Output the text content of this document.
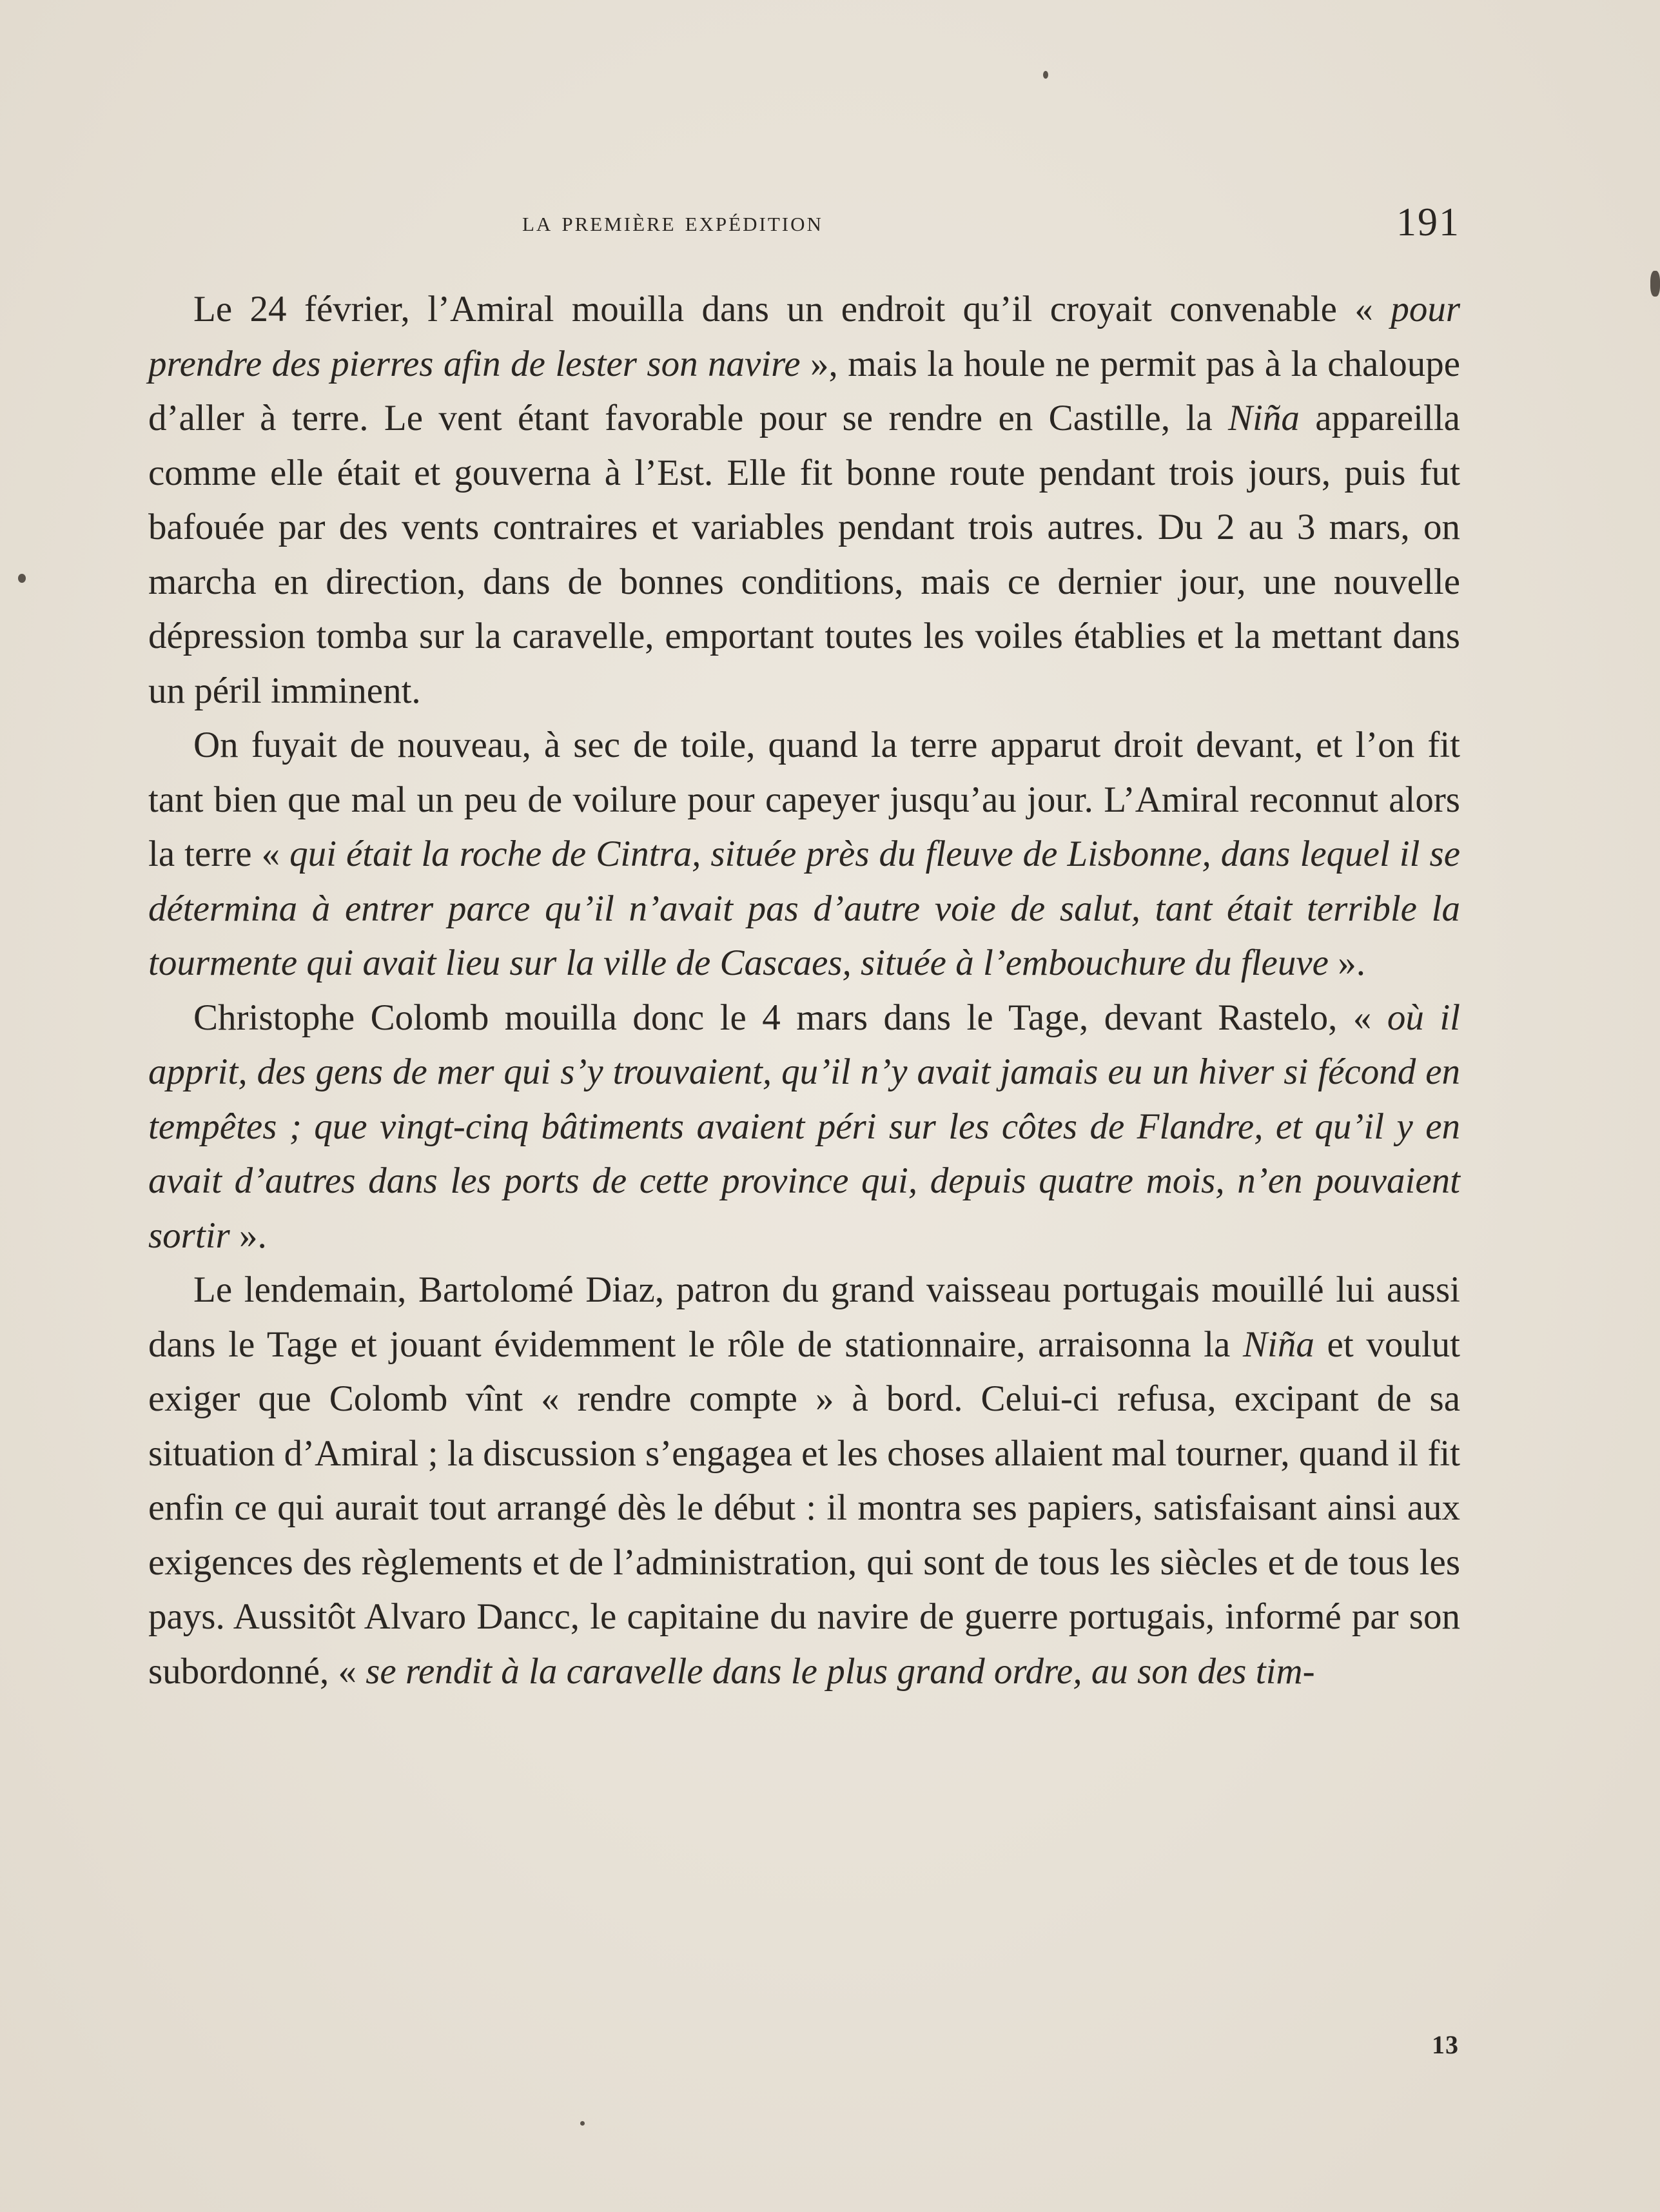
la première expédition	191

Le 24 février, l’Amiral mouilla dans un endroit qu’il croyait convenable « pour prendre des pierres afin de lester son navire », mais la houle ne permit pas à la chaloupe d’aller à terre. Le vent étant favorable pour se rendre en Castille, la Niña appareilla comme elle était et gouverna à l’Est. Elle fit bonne route pendant trois jours, puis fut bafouée par des vents contraires et variables pendant trois autres. Du 2 au 3 mars, on marcha en direction, dans de bonnes conditions, mais ce dernier jour, une nouvelle dépression tomba sur la caravelle, emportant toutes les voiles établies et la mettant dans un péril imminent.

On fuyait de nouveau, à sec de toile, quand la terre apparut droit devant, et l’on fit tant bien que mal un peu de voilure pour capeyer jusqu’au jour. L’Amiral reconnut alors la terre « qui était la roche de Cintra, située près du fleuve de Lisbonne, dans lequel il se détermina à entrer parce qu’il n’avait pas d’autre voie de salut, tant était terrible la tourmente qui avait lieu sur la ville de Cascaes, située à l’embouchure du fleuve ».

Christophe Colomb mouilla donc le 4 mars dans le Tage, devant Rastelo, « où il apprit, des gens de mer qui s’y trouvaient, qu’il n’y avait jamais eu un hiver si fécond en tempêtes ; que vingt-cinq bâtiments avaient péri sur les côtes de Flandre, et qu’il y en avait d’autres dans les ports de cette province qui, depuis quatre mois, n’en pouvaient sortir ».

Le lendemain, Bartolomé Diaz, patron du grand vaisseau portugais mouillé lui aussi dans le Tage et jouant évidemment le rôle de stationnaire, arraisonna la Niña et voulut exiger que Colomb vînt « rendre compte » à bord. Celui-ci refusa, excipant de sa situation d’Amiral ; la discussion s’engagea et les choses allaient mal tourner, quand il fit enfin ce qui aurait tout arrangé dès le début : il montra ses papiers, satisfaisant ainsi aux exigences des règlements et de l’administration, qui sont de tous les siècles et de tous les pays. Aussitôt Alvaro Dancc, le capitaine du navire de guerre portugais, informé par son subordonné, « se rendit à la caravelle dans le plus grand ordre, au son des tim-

13
